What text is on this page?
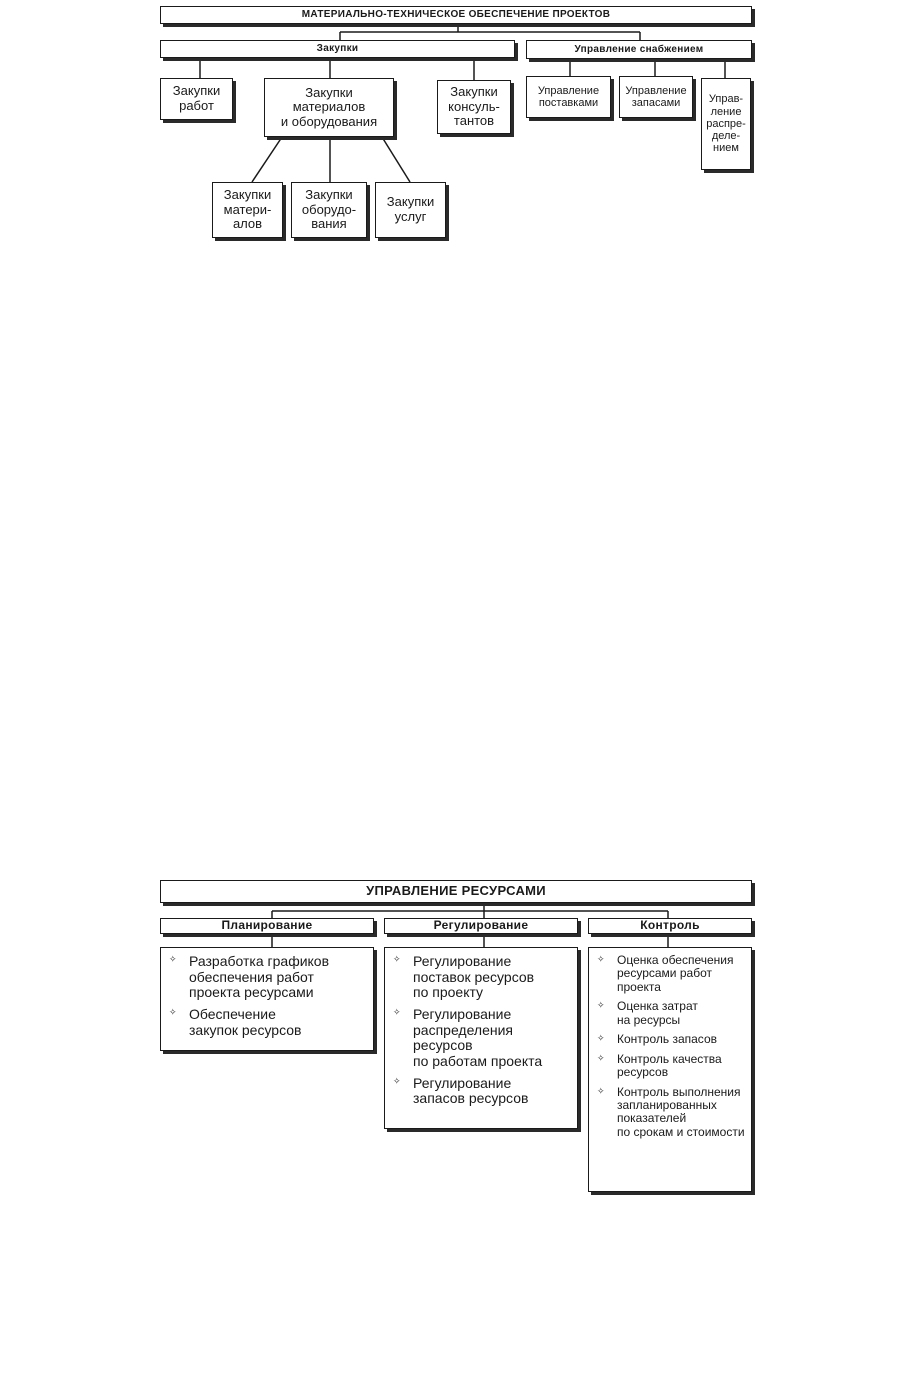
МАТЕРИАЛЬНО-ТЕХНИЧЕСКОЕ ОБЕСПЕЧЕНИЕ ПРОЕКТОВ
Закупки	Управление снабжением
Закупки
работ
Закупки
материалов
и оборудования
Закупки
консуль-
тантов
Управление
поставками
Управление
запасами	Управ-
ление
распре-
деле-
нием
Закупки
матери-
алов
Закупки
оборудо-
вания
Закупки
услуг
УПРАВЛЕНИЕ РЕСУРСАМИ
Планирование	Регулирование	Контроль
✧ Разработка графиков
обеспечения работ
проекта ресурсами
✧ Обеспечение
закупок ресурсов
✧ Регулирование
поставок ресурсов
по проекту
✧ Регулирование
распределения
ресурсов
по работам проекта
✧ Регулирование
запасов ресурсов
✧ Оценка обеспечения
ресурсами работ
проекта
✧ Оценка затрат
на ресурсы
✧ Контроль запасов
✧ Контроль качества
ресурсов
✧ Контроль выполнения
запланированных
показателей
по срокам и стоимости
